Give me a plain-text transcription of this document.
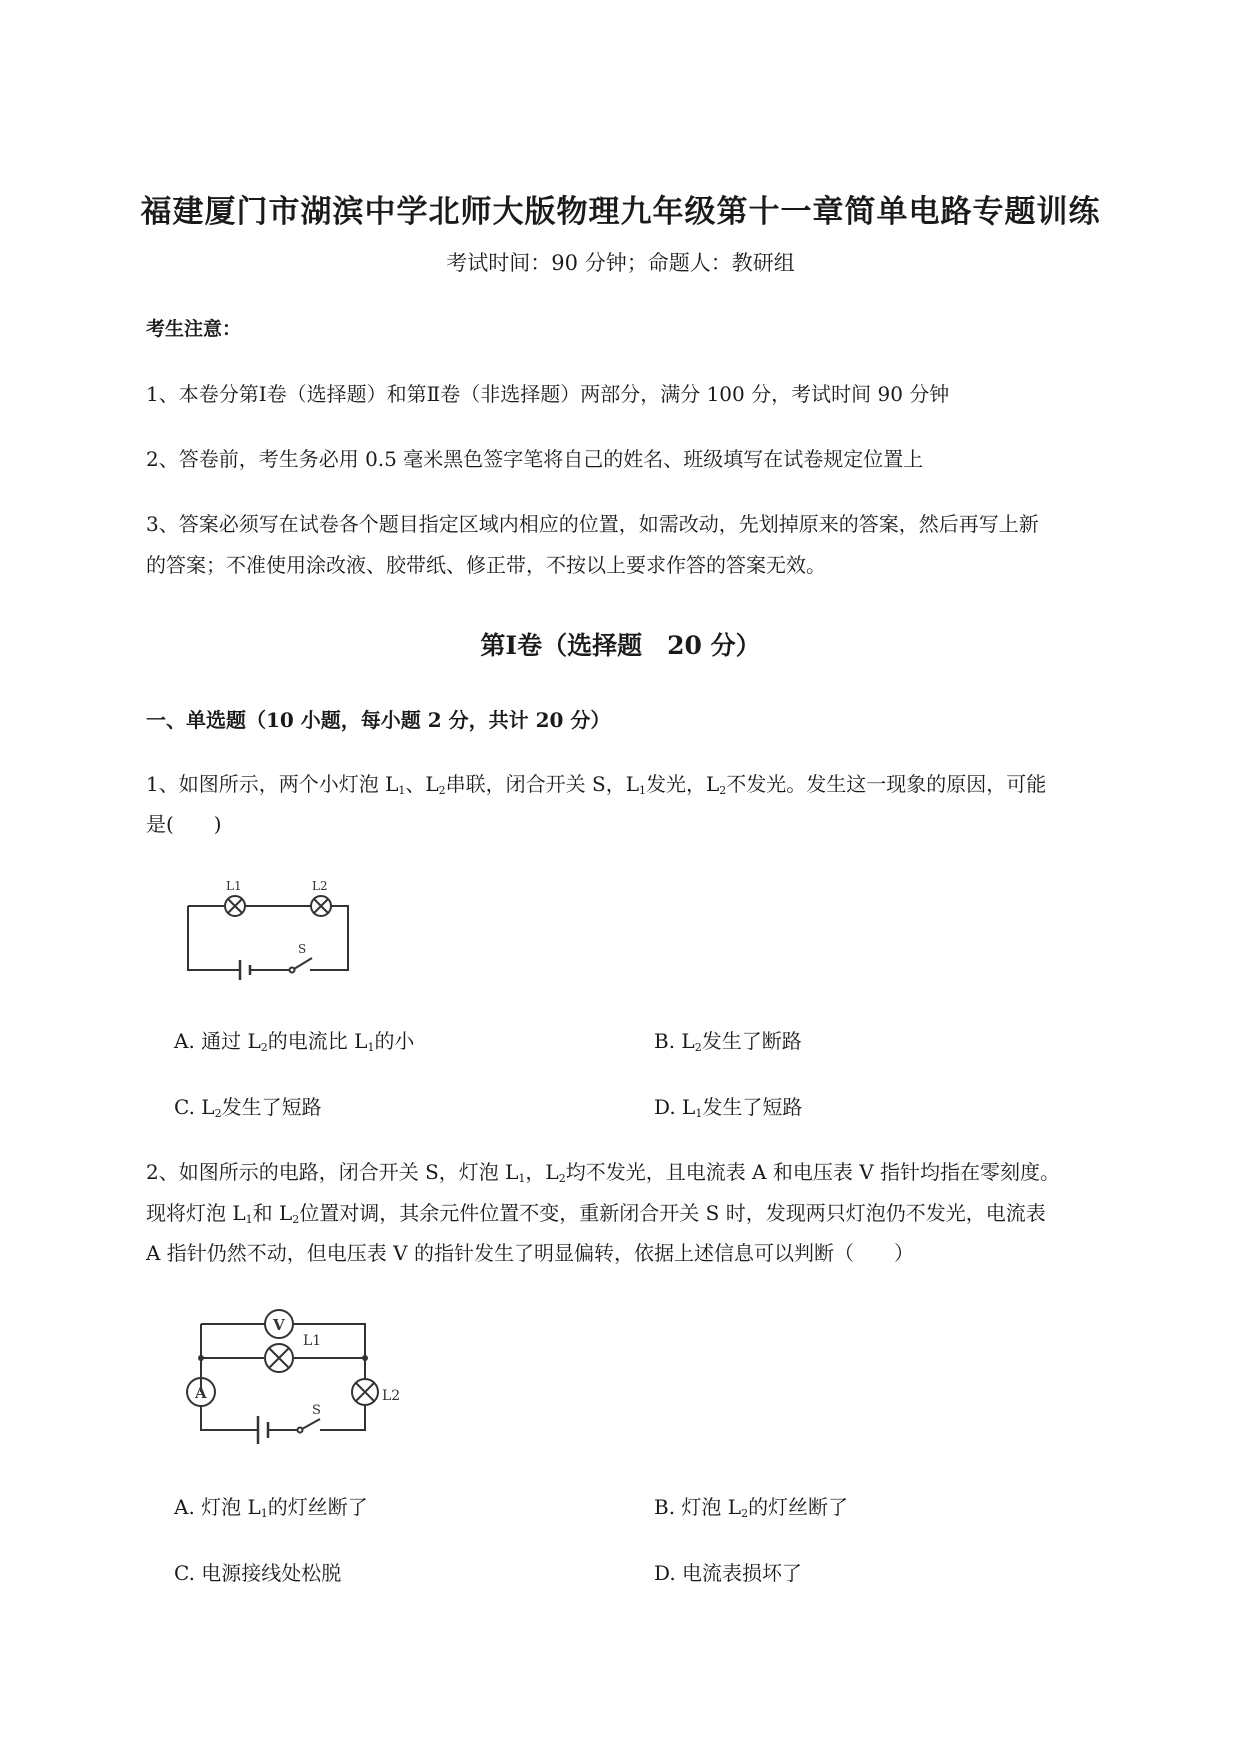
福建厦门市湖滨中学北师大版物理九年级第十一章简单电路专题训练
考试时间：90 分钟；命题人：教研组
考生注意：
1、本卷分第Ⅰ卷（选择题）和第Ⅱ卷（非选择题）两部分，满分 100 分，考试时间 90 分钟
2、答卷前，考生务必用 0.5 毫米黑色签字笔将自己的姓名、班级填写在试卷规定位置上
3、答案必须写在试卷各个题目指定区域内相应的位置，如需改动，先划掉原来的答案，然后再写上新
的答案；不准使用涂改液、胶带纸、修正带，不按以上要求作答的答案无效。
第Ⅰ卷（选择题　20 分）
一、单选题（10 小题，每小题 2 分，共计 20 分）
1、如图所示，两个小灯泡 $L_1$、$L_2$串联，闭合开关 S，$L_1$发光，$L_2$不发光。发生这一现象的原因，可能
是(　　)
L1	L2
S
A. 通过 $L_2$的电流比 $L_1$的小	B. $L_2$发生了断路
C. $L_2$发生了短路	D. $L_1$发生了短路
2、如图所示的电路，闭合开关 S，灯泡 $L_1$，$L_2$均不发光，且电流表 A 和电压表 V 指针均指在零刻度。
现将灯泡 $L_1$和 $L_2$位置对调，其余元件位置不变，重新闭合开关 S 时，发现两只灯泡仍不发光，电流表
A 指针仍然不动，但电压表 V 的指针发生了明显偏转，依据上述信息可以判断（　　）
V
A
L1
L2
S
A. 灯泡 $L_1$的灯丝断了	B. 灯泡 $L_2$的灯丝断了
C. 电源接线处松脱	D. 电流表损坏了
